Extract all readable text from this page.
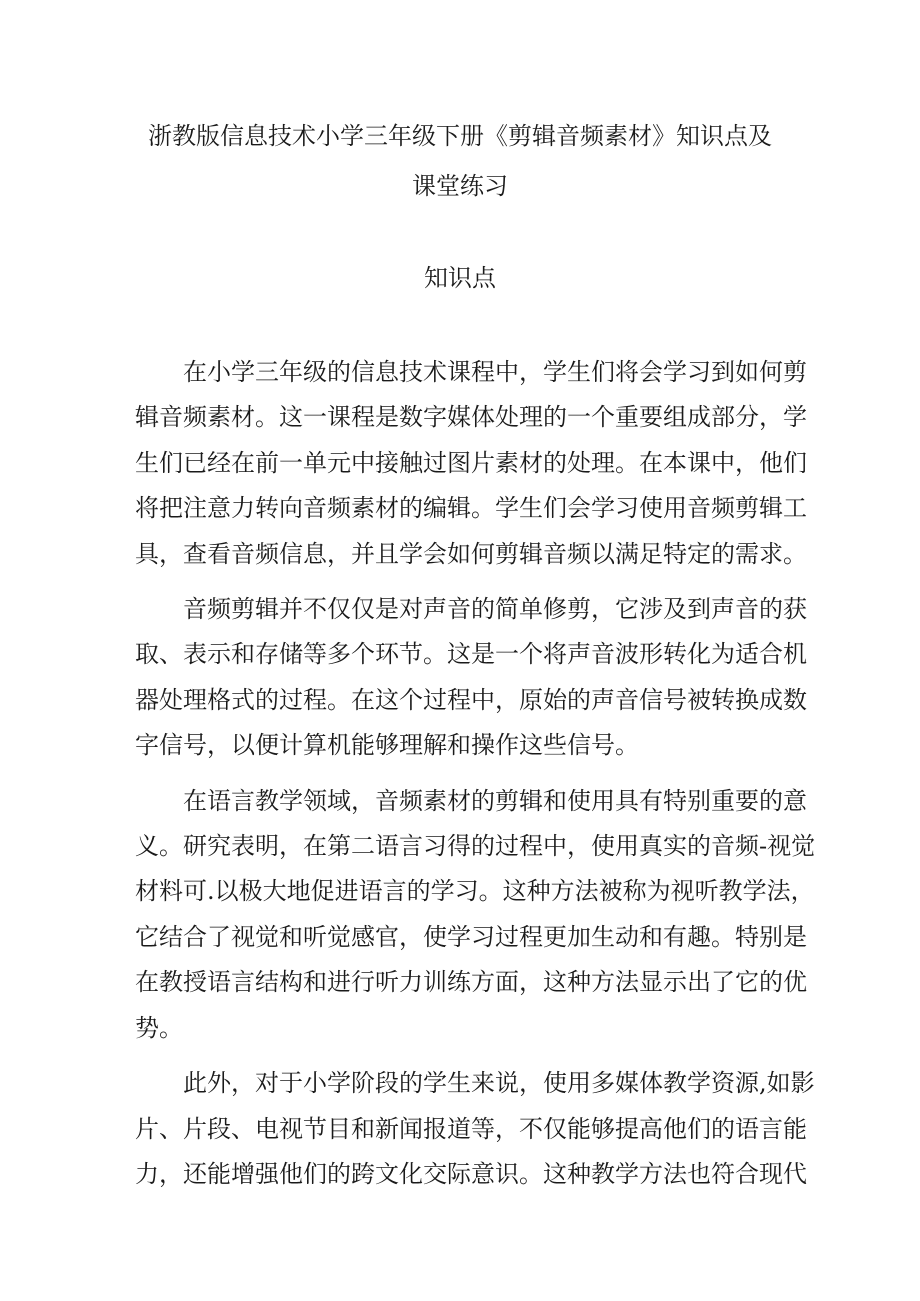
浙教版信息技术小学三年级下册《剪辑音频素材》知识点及
课堂练习
知识点

在小学三年级的信息技术课程中，学生们将会学习到如何剪
辑音频素材。这一课程是数字媒体处理的一个重要组成部分，学
生们已经在前一单元中接触过图片素材的处理。在本课中，他们
将把注意力转向音频素材的编辑。学生们会学习使用音频剪辑工
具，查看音频信息，并且学会如何剪辑音频以满足特定的需求。

音频剪辑并不仅仅是对声音的简单修剪，它涉及到声音的获
取、表示和存储等多个环节。这是一个将声音波形转化为适合机
器处理格式的过程。在这个过程中，原始的声音信号被转换成数
字信号，以便计算机能够理解和操作这些信号。

在语言教学领域，音频素材的剪辑和使用具有特别重要的意
义。研究表明，在第二语言习得的过程中，使用真实的音频-视觉
材料可.以极大地促进语言的学习。这种方法被称为视听教学法，
它结合了视觉和听觉感官，使学习过程更加生动和有趣。特别是
在教授语言结构和进行听力训练方面，这种方法显示出了它的优
势。

此外，对于小学阶段的学生来说，使用多媒体教学资源,如影
片、片段、电视节目和新闻报道等，不仅能够提高他们的语言能
力，还能增强他们的跨文化交际意识。这种教学方法也符合现代
